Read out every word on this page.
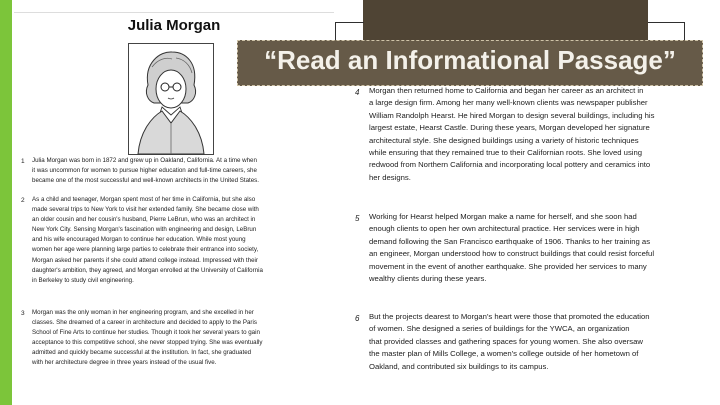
Julia Morgan
1 Julia Morgan was born in 1872 and grew up in Oakland, California. At a time when
it was uncommon for women to pursue higher education and full-time careers, she
became one of the most successful and well-known architects in the United States.
2 As a child and teenager, Morgan spent most of her time in California, but she also
made several trips to New York to visit her extended family. She became close with
an older cousin and her cousin's husband, Pierre LeBrun, who was an architect in
New York City. Sensing Morgan's fascination with engineering and design, LeBrun
and his wife encouraged Morgan to continue her education. While most young
women her age were planning large parties to celebrate their entrance into society,
Morgan asked her parents if she could attend college instead. Impressed with their
daughter's ambition, they agreed, and Morgan enrolled at the University of California
in Berkeley to study civil engineering.
3 Morgan was the only woman in her engineering program, and she excelled in her
classes. She dreamed of a career in architecture and decided to apply to the Paris
School of Fine Arts to continue her studies. Though it took her several years to gain
acceptance to this competitive school, she never stopped trying. She was eventually
admitted and quickly became successful at the institution. In fact, she graduated
with her architecture degree in three years instead of the usual five.
4 Morgan then returned home to California and began her career as an architect in
a large design firm. Among her many well-known clients was newspaper publisher
William Randolph Hearst. He hired Morgan to design several buildings, including his
largest estate, Hearst Castle. During these years, Morgan developed her signature
architectural style. She designed buildings using a variety of historic techniques
while ensuring that they remained true to their Californian roots. She loved using
redwood from Northern California and incorporating local pottery and ceramics into
her designs.
5 Working for Hearst helped Morgan make a name for herself, and she soon had
enough clients to open her own architectural practice. Her services were in high
demand following the San Francisco earthquake of 1906. Thanks to her training as
an engineer, Morgan understood how to construct buildings that could resist forceful
movement in the event of another earthquake. She provided her services to many
wealthy clients during these years.
6 But the projects dearest to Morgan's heart were those that promoted the education
of women. She designed a series of buildings for the YWCA, an organization
that provided classes and gathering spaces for young women. She also oversaw
the master plan of Mills College, a women's college outside of her hometown of
Oakland, and contributed six buildings to its campus.
“Read an Informational Passage”
